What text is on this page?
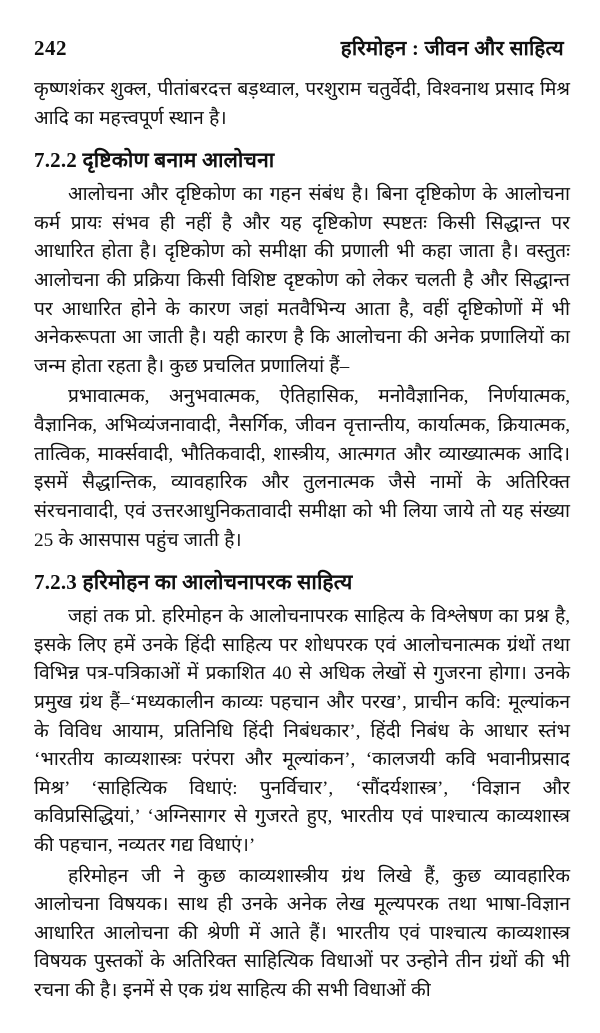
242	हरिमोहन : जीवन और साहित्य

कृष्णशंकर शुक्ल, पीतांबरदत्त बड़थ्वाल, परशुराम चतुर्वेदी, विश्वनाथ प्रसाद मिश्र आदि का महत्त्वपूर्ण स्थान है।

7.2.2 दृष्टिकोण बनाम आलोचना

आलोचना और दृष्टिकोण का गहन संबंध है। बिना दृष्टिकोण के आलोचना कर्म प्रायः संभव ही नहीं है और यह दृष्टिकोण स्पष्टतः किसी सिद्धान्त पर आधारित होता है। दृष्टिकोण को समीक्षा की प्रणाली भी कहा जाता है। वस्तुतः आलोचना की प्रक्रिया किसी विशिष्ट दृष्टकोण को लेकर चलती है और सिद्धान्त पर आधारित होने के कारण जहां मतवैभिन्य आता है, वहीं दृष्टिकोणों में भी अनेकरूपता आ जाती है। यही कारण है कि आलोचना की अनेक प्रणालियों का जन्म होता रहता है। कुछ प्रचलित प्रणालियां हैं–

प्रभावात्मक, अनुभवात्मक, ऐतिहासिक, मनोवैज्ञानिक, निर्णयात्मक, वैज्ञानिक, अभिव्यंजनावादी, नैसर्गिक, जीवन वृत्तान्तीय, कार्यात्मक, क्रियात्मक, तात्विक, मार्क्सवादी, भौतिकवादी, शास्त्रीय, आत्मगत और व्याख्यात्मक आदि। इसमें सैद्धान्तिक, व्यावहारिक और तुलनात्मक जैसे नामों के अतिरिक्त संरचनावादी, एवं उत्तरआधुनिकतावादी समीक्षा को भी लिया जाये तो यह संख्या 25 के आसपास पहुंच जाती है।

7.2.3 हरिमोहन का आलोचनापरक साहित्य

जहां तक प्रो. हरिमोहन के आलोचनापरक साहित्य के विश्लेषण का प्रश्न है, इसके लिए हमें उनके हिंदी साहित्य पर शोधपरक एवं आलोचनात्मक ग्रंथों तथा विभिन्न पत्र-पत्रिकाओं में प्रकाशित 40 से अधिक लेखों से गुजरना होगा। उनके प्रमुख ग्रंथ हैं–‘मध्यकालीन काव्यः पहचान और परख’, प्राचीन कवि: मूल्यांकन के विविध आयाम, प्रतिनिधि हिंदी निबंधकार’, हिंदी निबंध के आधार स्तंभ ‘भारतीय काव्यशास्त्रः परंपरा और मूल्यांकन’, ‘कालजयी कवि भवानीप्रसाद मिश्र’ ‘साहित्यिक विधाएं: पुनर्विचार’, ‘सौंदर्यशास्त्र’, ‘विज्ञान और कविप्रसिद्धियां,’ ‘अग्निसागर से गुजरते हुए, भारतीय एवं पाश्चात्य काव्यशास्त्र की पहचान, नव्यतर गद्य विधाएं।’

हरिमोहन जी ने कुछ काव्यशास्त्रीय ग्रंथ लिखे हैं, कुछ व्यावहारिक आलोचना विषयक। साथ ही उनके अनेक लेख मूल्यपरक तथा भाषा-विज्ञान आधारित आलोचना की श्रेणी में आते हैं। भारतीय एवं पाश्चात्य काव्यशास्त्र विषयक पुस्तकों के अतिरिक्त साहित्यिक विधाओं पर उन्होने तीन ग्रंथों की भी रचना की है। इनमें से एक ग्रंथ साहित्य की सभी विधाओं की
